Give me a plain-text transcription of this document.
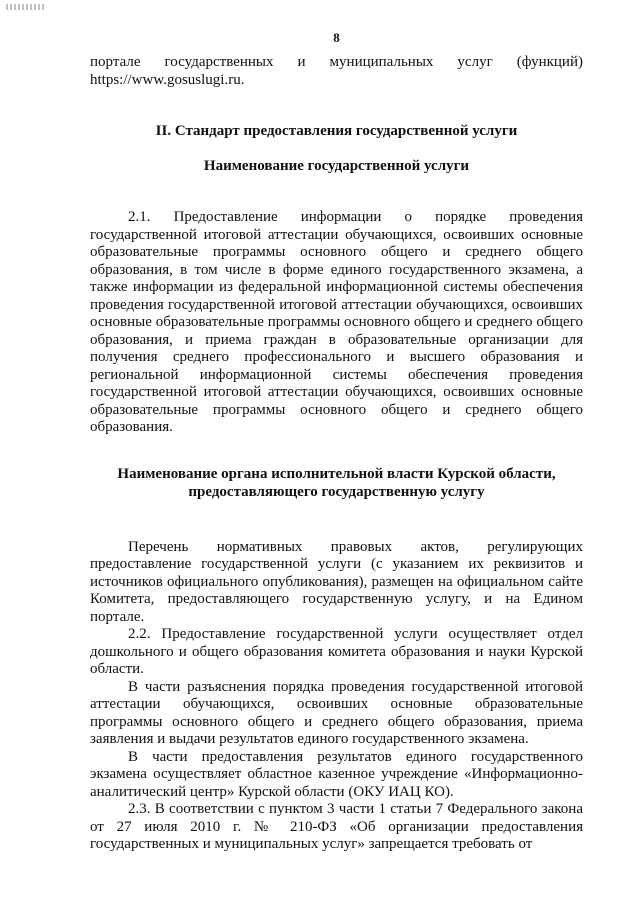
8

порталe государственных и муниципальных услуг (функций) https://www.gosuslugi.ru.

II. Стандарт предоставления государственной услуги
Наименование государственной услуги

2.1. Предоставление информации о порядке проведения государственной итоговой аттестации обучающихся, освоивших основные образовательные программы основного общего и среднего общего образования, в том числе в форме единого государственного экзамена, а также информации из федеральной информационной системы обеспечения проведения государственной итоговой аттестации обучающихся, освоивших основные образовательные программы основного общего и среднего общего образования, и приема граждан в образовательные организации для получения среднего профессионального и высшего образования и региональной информационной системы обеспечения проведения государственной итоговой аттестации обучающихся, освоивших основные образовательные программы основного общего и среднего общего образования.

Наименование органа исполнительной власти Курской области,
предоставляющего государственную услугу

Перечень нормативных правовых актов, регулирующих предоставление государственной услуги (с указанием их реквизитов и источников официального опубликования), размещен на официальном сайте Комитета, предоставляющего государственную услугу, и на Едином портале.

2.2. Предоставление государственной услуги осуществляет отдел дошкольного и общего образования комитета образования и науки Курской области.

В части разъяснения порядка проведения государственной итоговой аттестации обучающихся, освоивших основные образовательные программы основного общего и среднего общего образования, приема заявления и выдачи результатов единого государственного экзамена.

В части предоставления результатов единого государственного экзамена осуществляет областное казенное учреждение «Информационно-аналитический центр» Курской области (ОКУ ИАЦ КО).

2.3. В соответствии с пунктом 3 части 1 статьи 7 Федерального закона от 27 июля 2010 г. № 210-ФЗ «Об организации предоставления государственных и муниципальных услуг» запрещается требовать от
